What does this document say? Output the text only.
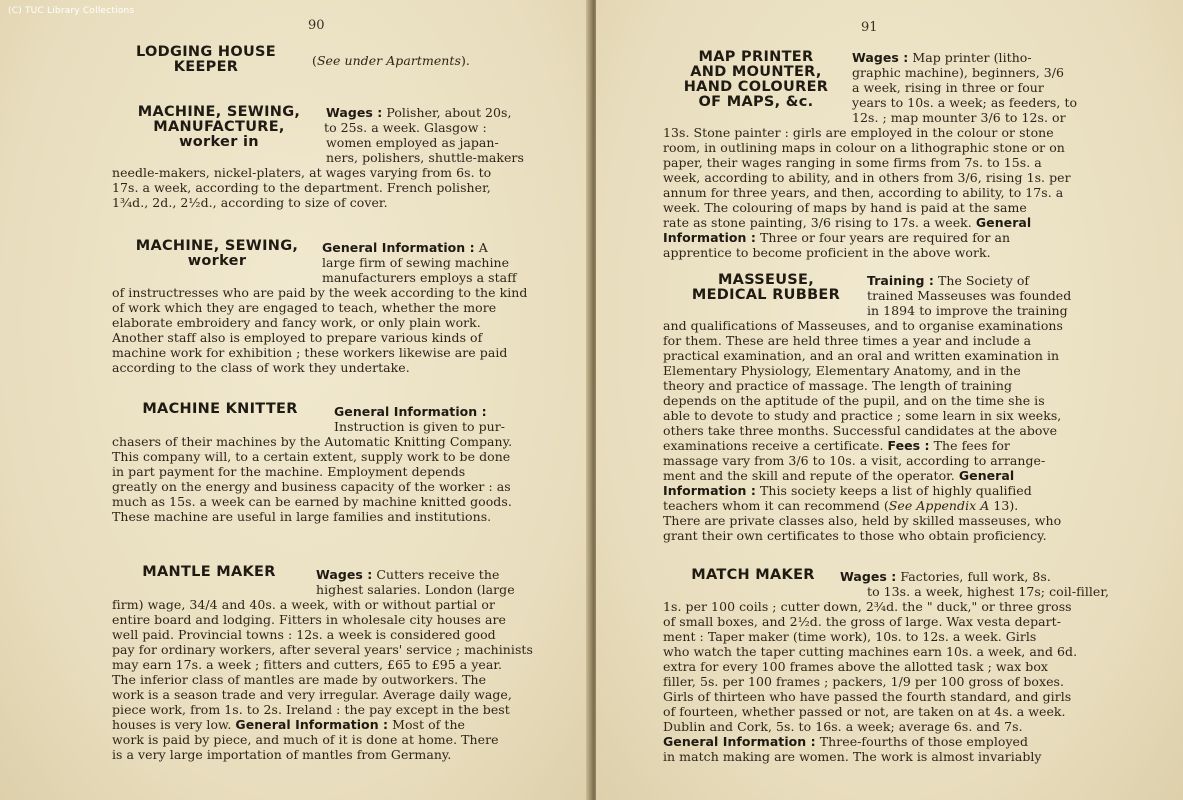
(C) TUC Library Collections
90
LODGING HOUSE
KEEPER	(See under Apartments).
MACHINE, SEWING,
MANUFACTURE,
worker in
Wages : Polisher, about 20s,
to 25s. a week. Glasgow :
women employed as japan-
ners, polishers, shuttle-makers
needle-makers, nickel-platers, at wages varying from 6s. to
17s. a week, according to the department. French polisher,
1¾d., 2d., 2½d., according to size of cover.
MACHINE, SEWING,
worker
General Information : A
large firm of sewing machine
manufacturers employs a staff
of instructresses who are paid by the week according to the kind
of work which they are engaged to teach, whether the more
elaborate embroidery and fancy work, or only plain work.
Another staff also is employed to prepare various kinds of
machine work for exhibition ; these workers likewise are paid
according to the class of work they undertake.
MACHINE KNITTER	General Information :
Instruction is given to pur-
chasers of their machines by the Automatic Knitting Company.
This company will, to a certain extent, supply work to be done
in part payment for the machine. Employment depends
greatly on the energy and business capacity of the worker : as
much as 15s. a week can be earned by machine knitted goods.
These machine are useful in large families and institutions.
MANTLE MAKER	Wages : Cutters receive the
highest salaries. London (large
firm) wage, 34/4 and 40s. a week, with or without partial or
entire board and lodging. Fitters in wholesale city houses are
well paid. Provincial towns : 12s. a week is considered good
pay for ordinary workers, after several years' service ; machinists
may earn 17s. a week ; fitters and cutters, £65 to £95 a year.
The inferior class of mantles are made by outworkers. The
work is a season trade and very irregular. Average daily wage,
piece work, from 1s. to 2s. Ireland : the pay except in the best
houses is very low. General Information : Most of the
work is paid by piece, and much of it is done at home. There
is a very large importation of mantles from Germany.
91
MAP PRINTER
AND MOUNTER,
HAND COLOURER
OF MAPS, &c.
Wages : Map printer (litho-
graphic machine), beginners, 3/6
a week, rising in three or four
years to 10s. a week; as feeders, to
12s. ; map mounter 3/6 to 12s. or
13s. Stone painter : girls are employed in the colour or stone
room, in outlining maps in colour on a lithographic stone or on
paper, their wages ranging in some firms from 7s. to 15s. a
week, according to ability, and in others from 3/6, rising 1s. per
annum for three years, and then, according to ability, to 17s. a
week. The colouring of maps by hand is paid at the same
rate as stone painting, 3/6 rising to 17s. a week. General
Information : Three or four years are required for an
apprentice to become proficient in the above work.
MASSEUSE,
MEDICAL RUBBER
Training : The Society of
trained Masseuses was founded
in 1894 to improve the training
and qualifications of Masseuses, and to organise examinations
for them. These are held three times a year and include a
practical examination, and an oral and written examination in
Elementary Physiology, Elementary Anatomy, and in the
theory and practice of massage. The length of training
depends on the aptitude of the pupil, and on the time she is
able to devote to study and practice ; some learn in six weeks,
others take three months. Successful candidates at the above
examinations receive a certificate. Fees : The fees for
massage vary from 3/6 to 10s. a visit, according to arrange-
ment and the skill and repute of the operator. General
Information : This society keeps a list of highly qualified
teachers whom it can recommend (See Appendix A 13).
There are private classes also, held by skilled masseuses, who
grant their own certificates to those who obtain proficiency.
MATCH MAKER	Wages : Factories, full work, 8s.
to 13s. a week, highest 17s; coil-filler,
1s. per 100 coils ; cutter down, 2¾d. the " duck," or three gross
of small boxes, and 2½d. the gross of large. Wax vesta depart-
ment : Taper maker (time work), 10s. to 12s. a week. Girls
who watch the taper cutting machines earn 10s. a week, and 6d.
extra for every 100 frames above the allotted task ; wax box
filler, 5s. per 100 frames ; packers, 1/9 per 100 gross of boxes.
Girls of thirteen who have passed the fourth standard, and girls
of fourteen, whether passed or not, are taken on at 4s. a week.
Dublin and Cork, 5s. to 16s. a week; average 6s. and 7s.
General Information : Three-fourths of those employed
in match making are women. The work is almost invariably
